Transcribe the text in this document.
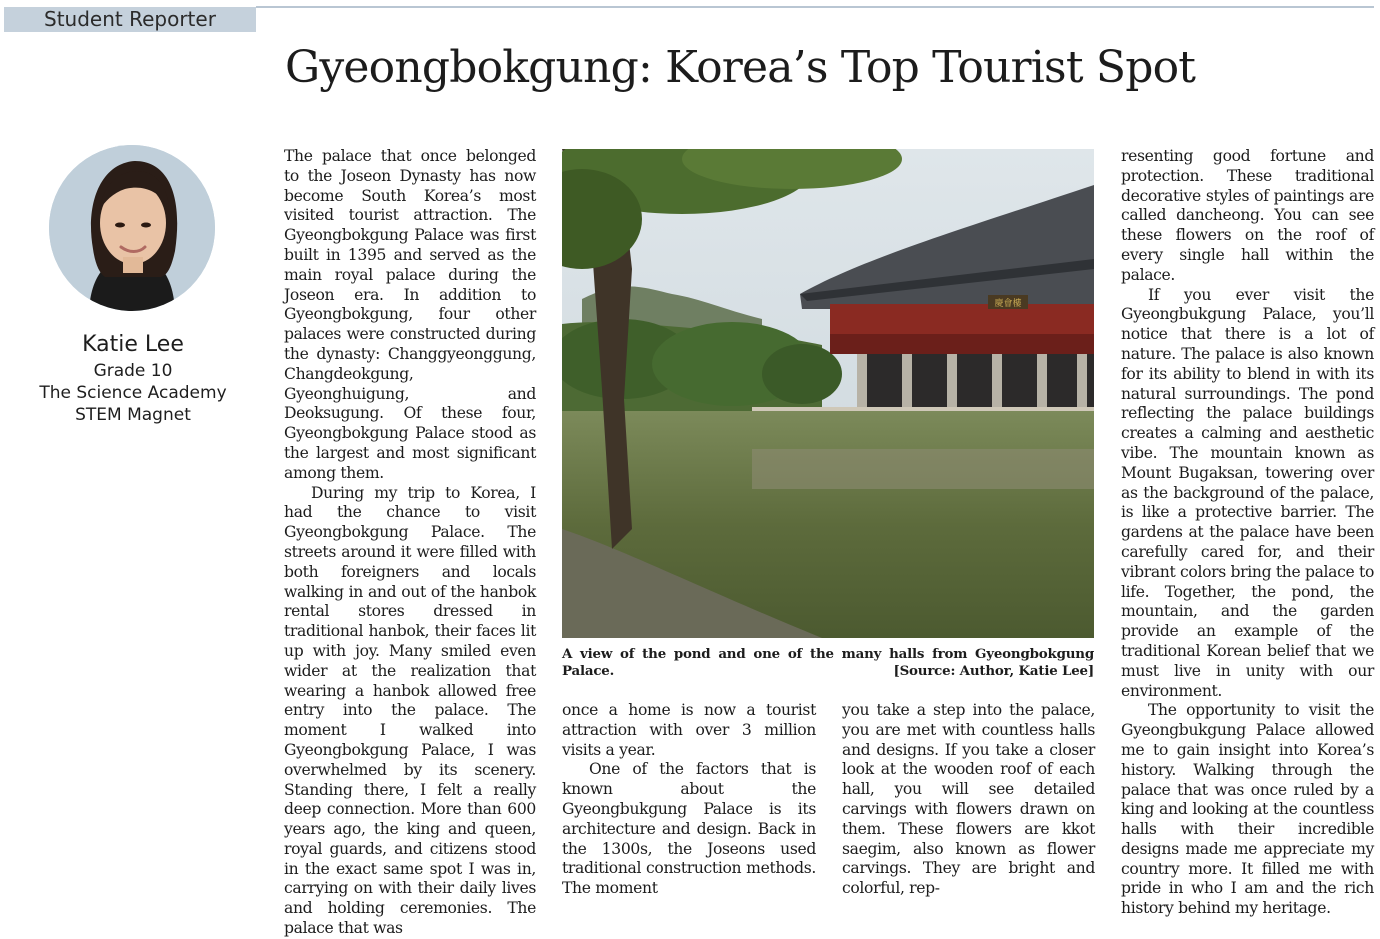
Student Reporter
Gyeongbokgung: Korea’s Top Tourist Spot
Katie Lee
Grade 10
The Science Academy
STEM Magnet

The palace that once belonged to the Joseon Dynasty has now become South Korea’s most visited tourist attraction. The Gyeongbokgung Palace was first built in 1395 and served as the main royal palace during the Joseon era. In addition to Gyeongbokgung, four other palaces were constructed during the dynasty: Changgyeonggung, Changdeokgung, Gyeonghuigung, and Deoksugung. Of these four, Gyeongbokgung Palace stood as the largest and most significant among them.

During my trip to Korea, I had the chance to visit Gyeongbokgung Palace. The streets around it were filled with both foreigners and locals walking in and out of the hanbok rental stores dressed in traditional hanbok, their faces lit up with joy. Many smiled even wider at the realization that wearing a hanbok allowed free entry into the palace. The moment I walked into Gyeongbokgung Palace, I was overwhelmed by its scenery. Standing there, I felt a really deep connection. More than 600 years ago, the king and queen, royal guards, and citizens stood in the exact same spot I was in, carrying on with their daily lives and holding ceremonies. The palace that was

慶會樓
A view of the pond and one of the many halls from Gyeongbokgung Palace.	[Source: Author, Katie Lee]

once a home is now a tourist attraction with over 3 million visits a year.

One of the factors that is known about the Gyeongbukgung Palace is its architecture and design. Back in the 1300s, the Joseons used traditional construction methods. The moment

you take a step into the palace, you are met with countless halls and designs. If you take a closer look at the wooden roof of each hall, you will see detailed carvings with flowers drawn on them. These flowers are kkot saegim, also known as flower carvings. They are bright and colorful, rep-

resenting good fortune and protection. These traditional decorative styles of paintings are called dancheong. You can see these flowers on the roof of every single hall within the palace.

If you ever visit the Gyeongbukgung Palace, you’ll notice that there is a lot of nature. The palace is also known for its ability to blend in with its natural surroundings. The pond reflecting the palace buildings creates a calming and aesthetic vibe. The mountain known as Mount Bugaksan, towering over as the background of the palace, is like a protective barrier. The gardens at the palace have been carefully cared for, and their vibrant colors bring the palace to life. Together, the pond, the mountain, and the garden provide an example of the traditional Korean belief that we must live in unity with our environment.

The opportunity to visit the Gyeongbukgung Palace allowed me to gain insight into Korea’s history. Walking through the palace that was once ruled by a king and looking at the countless halls with their incredible designs made me appreciate my country more. It filled me with pride in who I am and the rich history behind my heritage.
